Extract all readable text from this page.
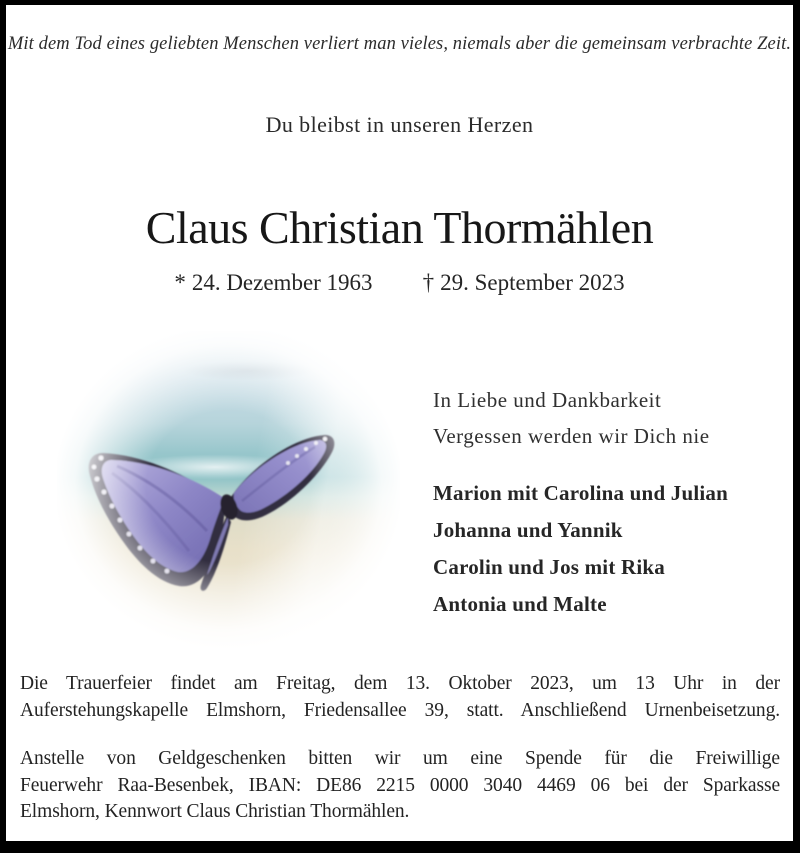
Mit dem Tod eines geliebten Menschen verliert man vieles, niemals aber die gemeinsam verbrachte Zeit.
Du bleibst in unseren Herzen
Claus Christian Thormählen
* 24. Dezember 1963 † 29. September 2023
In Liebe und Dankbarkeit
Vergessen werden wir Dich nie
Marion mit Carolina und Julian
Johanna und Yannik
Carolin und Jos mit Rika
Antonia und Malte
Die Trauerfeier findet am Freitag, dem 13. Oktober 2023, um 13 Uhr in der
Auferstehungskapelle Elmshorn, Friedensallee 39, statt. Anschließend Urnenbeisetzung.
Anstelle von Geldgeschenken bitten wir um eine Spende für die Freiwillige
Feuerwehr Raa-Besenbek, IBAN: DE86 2215 0000 3040 4469 06 bei der Sparkasse
Elmshorn, Kennwort Claus Christian Thormählen.
